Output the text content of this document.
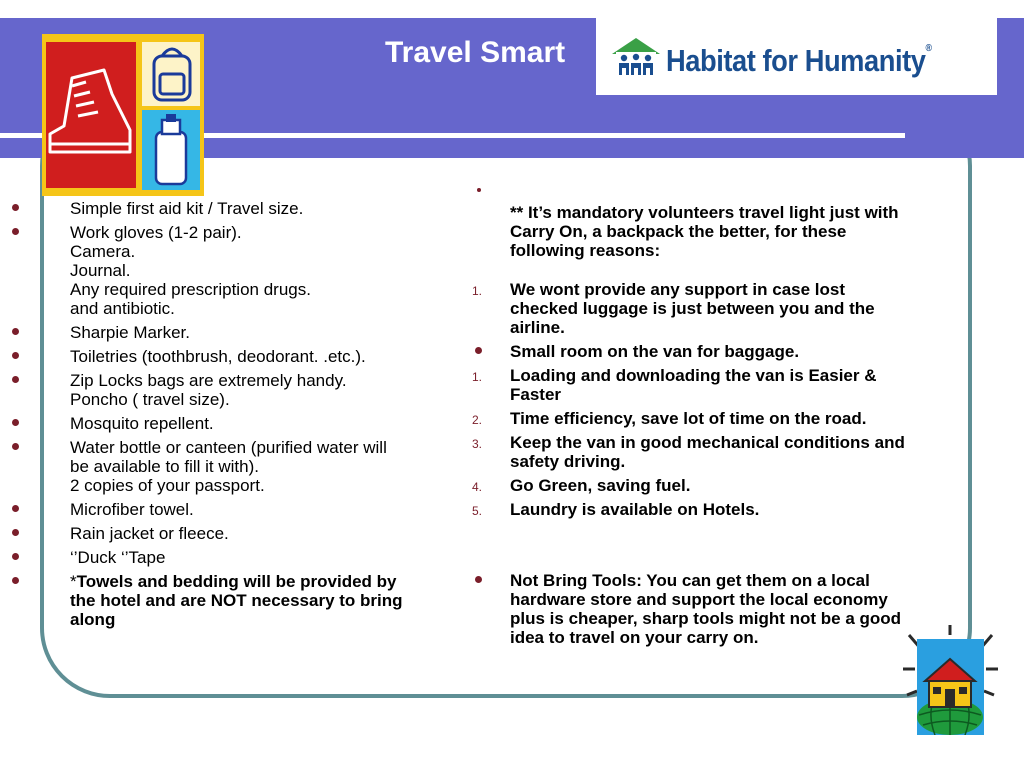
Travel Smart	Habitat for Humanity®
Simple first aid kit / Travel size.
Work gloves (1-2 pair).
Camera.
Journal.
Any required prescription drugs.
and antibiotic.
Sharpie Marker.
Toiletries (toothbrush, deodorant. .etc.).
Zip Locks bags are extremely handy.
Poncho ( travel size).
Mosquito repellent.
Water bottle or canteen (purified water will
be available to fill it with).
2 copies of your passport.
Microfiber towel.
Rain jacket or fleece.
‘’Duck ‘’Tape
*Towels and bedding will be provided by
the hotel and are NOT necessary to bring
along
** It’s mandatory volunteers travel light just with
Carry On, a backpack the better, for these
following reasons:
1. We wont provide any support in case lost
checked luggage is just between you and the
airline.
Small room on the van for baggage.
1. Loading and downloading the van is Easier &
Faster
2. Time efficiency, save lot of time on the road.
3. Keep the van in good mechanical conditions and
safety driving.
4. Go Green, saving fuel.
5. Laundry is available on Hotels.
Not Bring Tools: You can get them on a local
hardware store and support the local economy
plus is cheaper, sharp tools might not be a good
idea to travel on your carry on.
